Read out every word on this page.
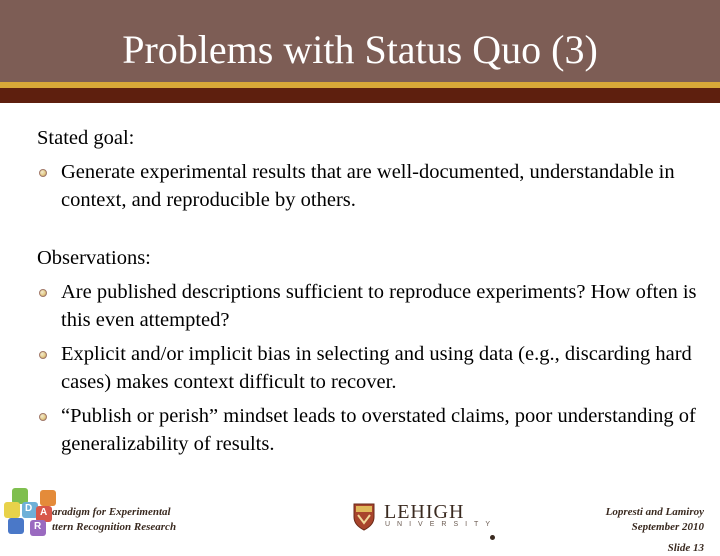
Problems with Status Quo (3)
Stated goal:
Generate experimental results that are well-documented, understandable in context, and reproducible by others.
Observations:
Are published descriptions sufficient to reproduce experiments? How often is this even attempted?
Explicit and/or implicit bias in selecting and using data (e.g., discarding hard cases) makes context difficult to recover.
“Publish or perish” mindset leads to overstated claims, poor understanding of generalizability of results.
D A
R
aradigm for Experimental
ttern Recognition Research
LEHIGH
UNIVERSITY
Lopresti and Lamiroy
September 2010
Slide 13
